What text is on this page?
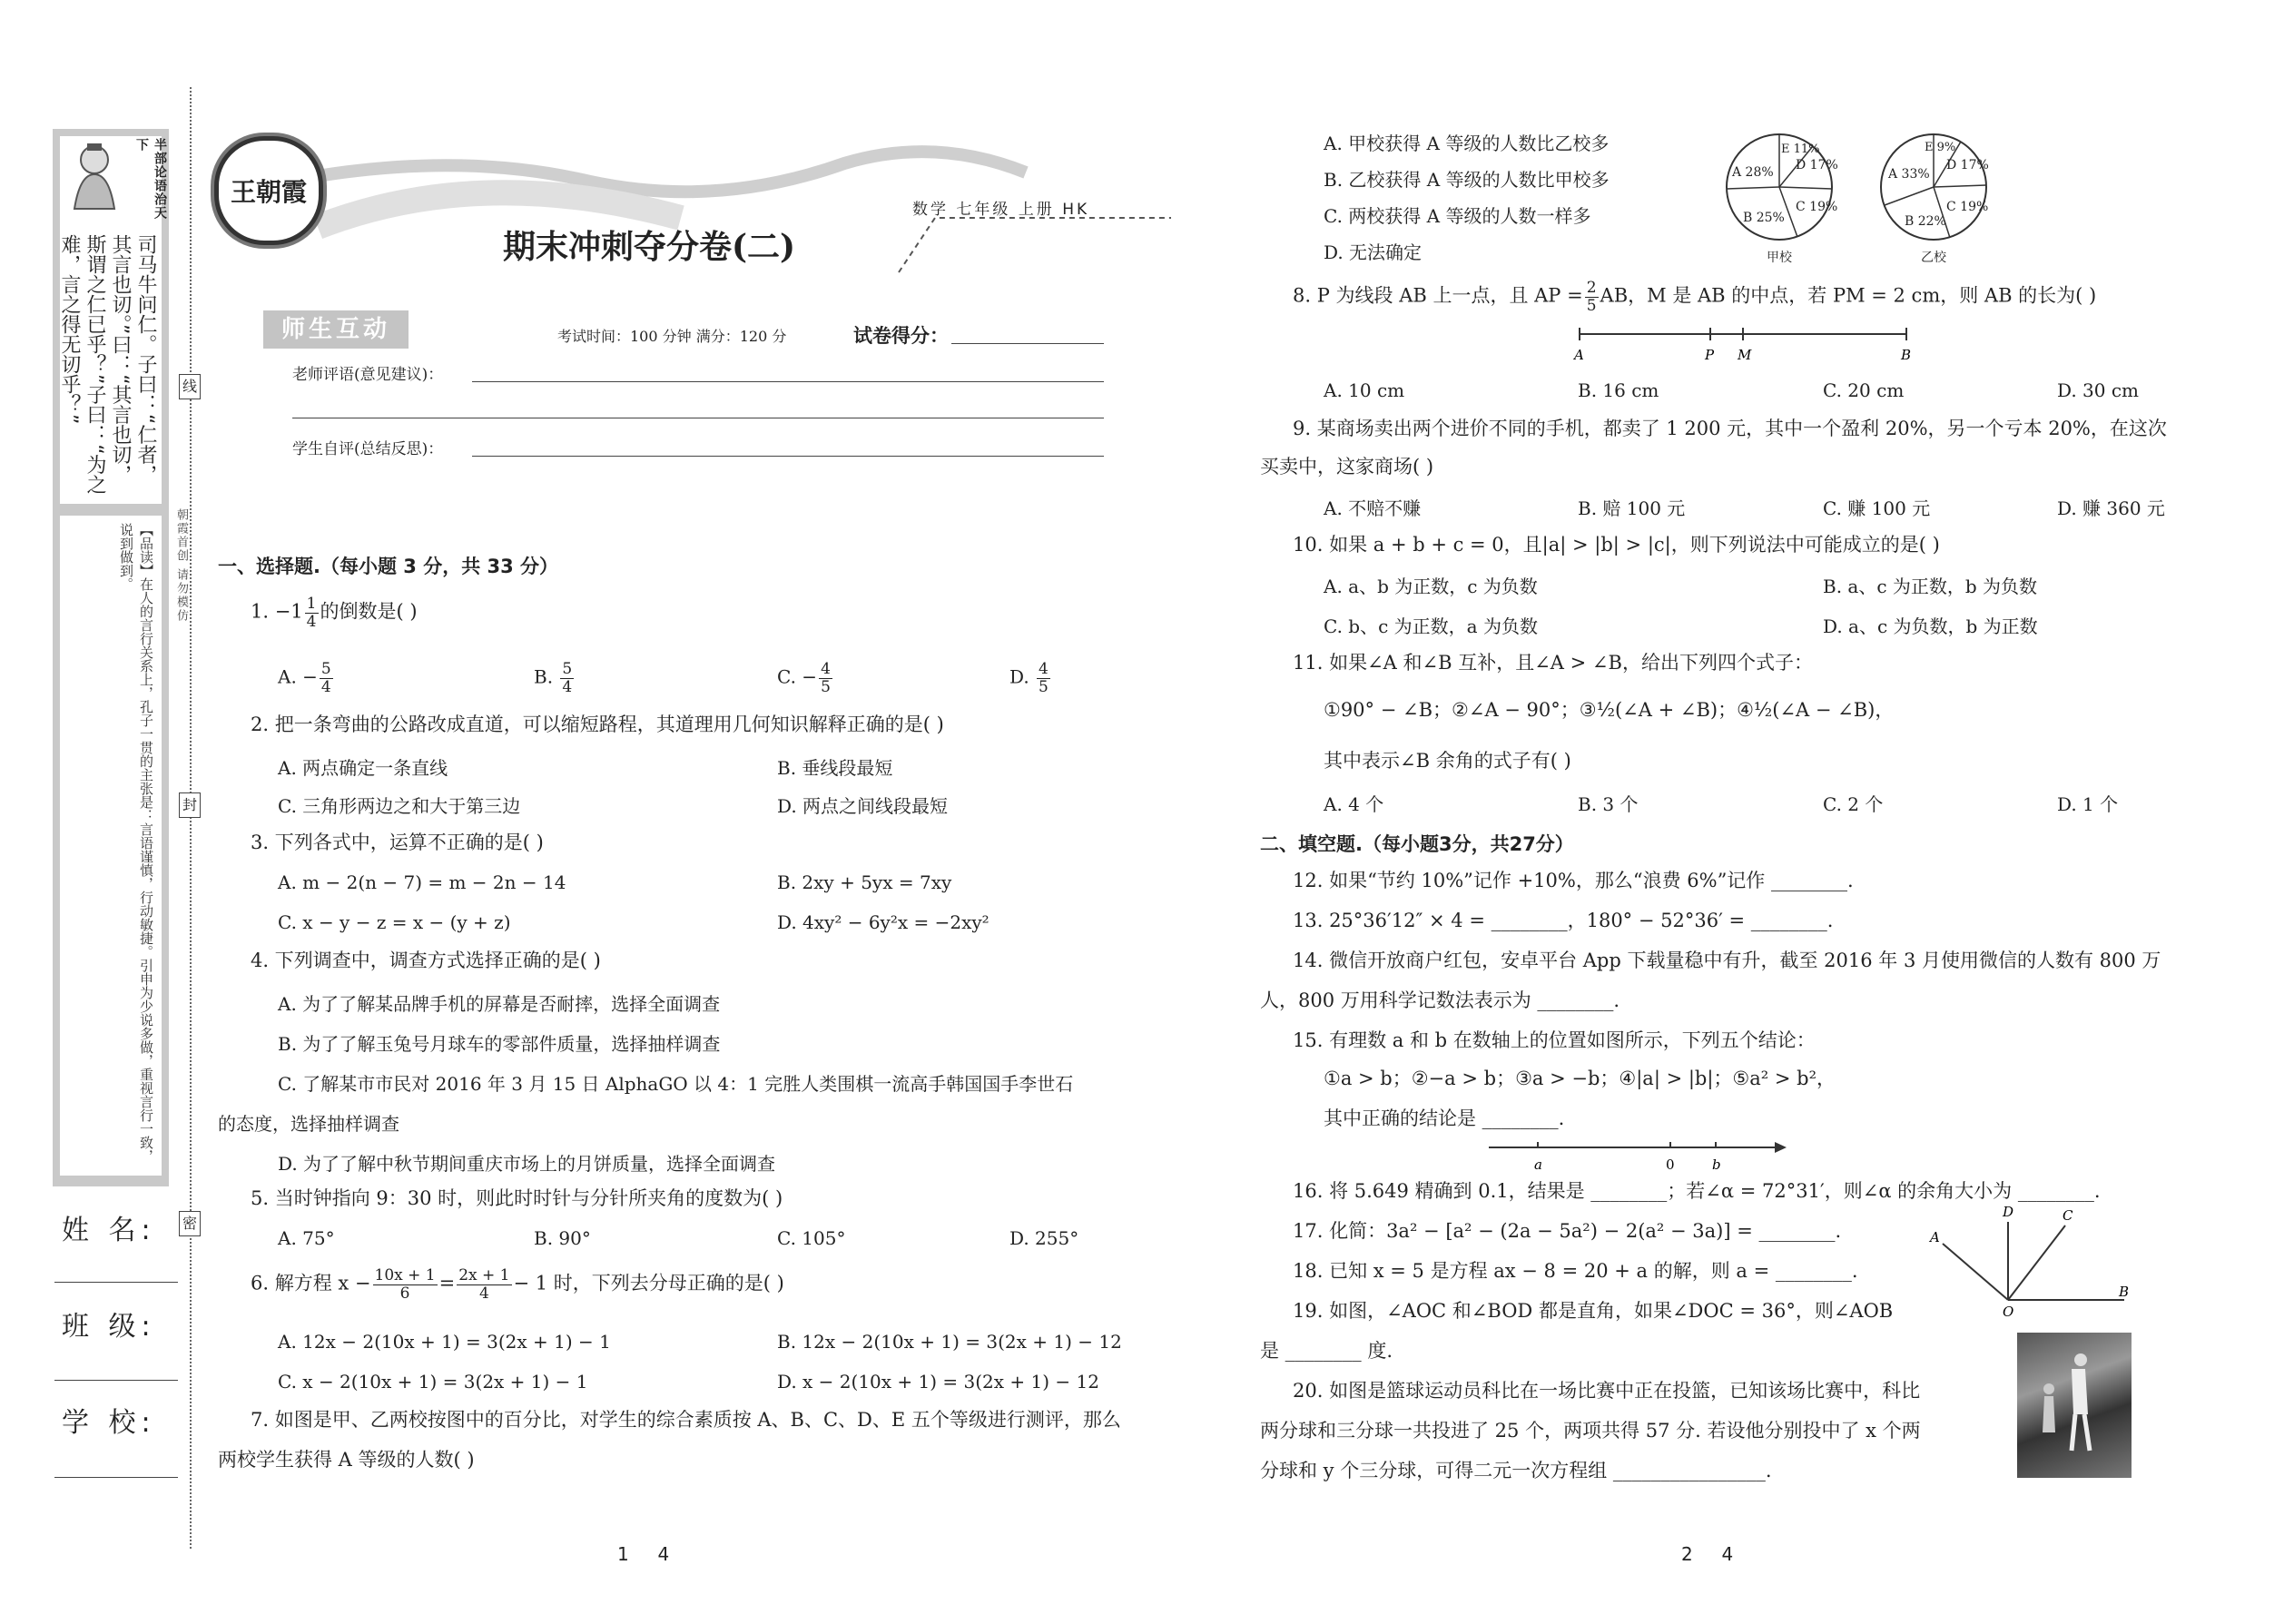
半部论语治天下
司马牛问仁。子曰：“仁者，其言也讱。”曰：“其言也讱，斯谓之仁已乎？”子曰：“为之难，言之得无讱乎？”
【品读】在人的言行关系上，孔子一贯的主张是：言语谨慎，行动敏捷。引申为少说多做，重视言行一致，说到做到。	朝霞首创 请勿模仿
线
封
密
姓 名:
班 级:
学 校:
王朝霞
数学 七年级 上册 HK
期末冲刺夺分卷(二)
师生互动	考试时间：100 分钟 满分：120 分	试卷得分：
老师评语(意见建议)：
学生自评(总结反思)：
一、选择题.（每小题 3 分，共 33 分）
1. $-1 \frac{1}{4}$ 的倒数是( )
A. − $\frac{5}{4}$	B. $\frac{5}{4}$	C. − $\frac{4}{5}$	D. $\frac{4}{5}$
2. 把一条弯曲的公路改成直道，可以缩短路程，其道理用几何知识解释正确的是( )
A. 两点确定一条直线	B. 垂线段最短
C. 三角形两边之和大于第三边	D. 两点之间线段最短
3. 下列各式中，运算不正确的是( )
A. m − 2(n − 7) = m − 2n − 14	B. 2xy + 5yx = 7xy
C. x − y − z = x − (y + z)	D. 4xy² − 6y²x = −2xy²
4. 下列调查中，调查方式选择正确的是( )
A. 为了了解某品牌手机的屏幕是否耐摔，选择全面调查
B. 为了了解玉兔号月球车的零部件质量，选择抽样调查
C. 了解某市市民对 2016 年 3 月 15 日 AlphaGO 以 4：1 完胜人类围棋一流高手韩国国手李世石
的态度，选择抽样调查
D. 为了了解中秋节期间重庆市场上的月饼质量，选择全面调查
5. 当时钟指向 9：30 时，则此时时针与分针所夹角的度数为( )
A. 75°	B. 90°	C. 105°	D. 255°
6. 解方程 $x - \frac{10x + 1}{6} = \frac{2x + 1}{4} - 1$ 时，下列去分母正确的是( )
A. 12x − 2(10x + 1) = 3(2x + 1) − 1	B. 12x − 2(10x + 1) = 3(2x + 1) − 12
C. x − 2(10x + 1) = 3(2x + 1) − 1	D. x − 2(10x + 1) = 3(2x + 1) − 12
7. 如图是甲、乙两校按图中的百分比，对学生的综合素质按 A、B、C、D、E 五个等级进行测评，那么
两校学生获得 A 等级的人数( )
1     4
A. 甲校获得 A 等级的人数比乙校多
B. 乙校获得 A 等级的人数比甲校多
C. 两校获得 A 等级的人数一样多
D. 无法确定
A 28%
B 25%
C 19%
D 17%
E 11%
甲校
A 33%
B 22%
C 19%
D 17%
E 9%
乙校
8. P 为线段 AB 上一点，且 AP = $\frac{2}{5}$ AB，M 是 AB 的中点，若 PM = 2 cm，则 AB 的长为( )
A	P M	B
A. 10 cm	B. 16 cm	C. 20 cm	D. 30 cm
9. 某商场卖出两个进价不同的手机，都卖了 1 200 元，其中一个盈利 20%，另一个亏本 20%，在这次
买卖中，这家商场( )
A. 不赔不赚	B. 赔 100 元	C. 赚 100 元	D. 赚 360 元
10. 如果 a + b + c = 0，且|a| > |b| > |c|，则下列说法中可能成立的是( )
A. a、b 为正数，c 为负数	B. a、c 为正数，b 为负数
C. b、c 为正数，a 为负数	D. a、c 为负数，b 为正数
11. 如果∠A 和∠B 互补，且∠A > ∠B，给出下列四个式子：
①90° − ∠B；②∠A − 90°；③½(∠A + ∠B)；④½(∠A − ∠B)，
其中表示∠B 余角的式子有( )
A. 4 个	B. 3 个	C. 2 个	D. 1 个
二、填空题.（每小题3分，共27分）
12. 如果“节约 10%”记作 +10%，那么“浪费 6%”记作 ________.
13. 25°36′12″ × 4 = ________，180° − 52°36′ = ________.
14. 微信开放商户红包，安卓平台 App 下载量稳中有升，截至 2016 年 3 月使用微信的人数有 800 万
人，800 万用科学记数法表示为 ________.
15. 有理数 a 和 b 在数轴上的位置如图所示，下列五个结论：
①a > b；②−a > b；③a > −b；④|a| > |b|；⑤a² > b²，
其中正确的结论是 ________.
a	0	b
16. 将 5.649 精确到 0.1，结果是 ________；若∠α = 72°31′，则∠α 的余角大小为 ________.
17. 化简：3a² − [a² − (2a − 5a²) − 2(a² − 3a)] = ________.
18. 已知 x = 5 是方程 ax − 8 = 20 + a 的解，则 a = ________.
19. 如图，∠AOC 和∠BOD 都是直角，如果∠DOC = 36°，则∠AOB
是 ________ 度.
D	C
A
O
B
20. 如图是篮球运动员科比在一场比赛中正在投篮，已知该场比赛中，科比
两分球和三分球一共投进了 25 个，两项共得 57 分. 若设他分别投中了 x 个两
分球和 y 个三分球，可得二元一次方程组 ________________.
2     4
